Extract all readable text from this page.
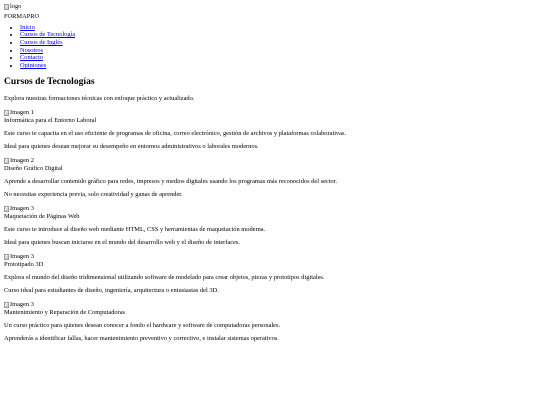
logo
FORMAPRO
• Inicio
• Cursos de Tecnología
• Cursos de Inglés
• Nosotros
• Contacto
• Opiniones
Cursos de Tecnologías

Explora nuestras formaciones técnicas con enfoque práctico y actualizado.

Imagen 1
Informática para el Entorno Laboral

Este curso te capacita en el uso eficiente de programas de oficina, correo electrónico, gestión de archivos y plataformas colaborativas.

Ideal para quienes desean mejorar su desempeño en entornos administrativos o laborales modernos.

Imagen 2
Diseño Gráfico Digital

Aprende a desarrollar contenido gráfico para redes, impresos y medios digitales usando los programas más reconocidos del sector.

No necesitas experiencia previa, solo creatividad y ganas de aprender.

Imagen 3
Maquetación de Páginas Web

Este curso te introduce al diseño web mediante HTML, CSS y herramientas de maquetación moderna.

Ideal para quienes buscan iniciarse en el mundo del desarrollo web y el diseño de interfaces.

Imagen 3
Prototipado 3D

Explora el mundo del diseño tridimensional utilizando software de modelado para crear objetos, piezas y prototipos digitales.

Curso ideal para estudiantes de diseño, ingeniería, arquitectura o entusiastas del 3D.

Imagen 3
Mantenimiento y Reparación de Computadoras

Un curso práctico para quienes desean conocer a fondo el hardware y software de computadoras personales.

Aprenderás a identificar fallas, hacer mantenimiento preventivo y correctivo, e instalar sistemas operativos.
